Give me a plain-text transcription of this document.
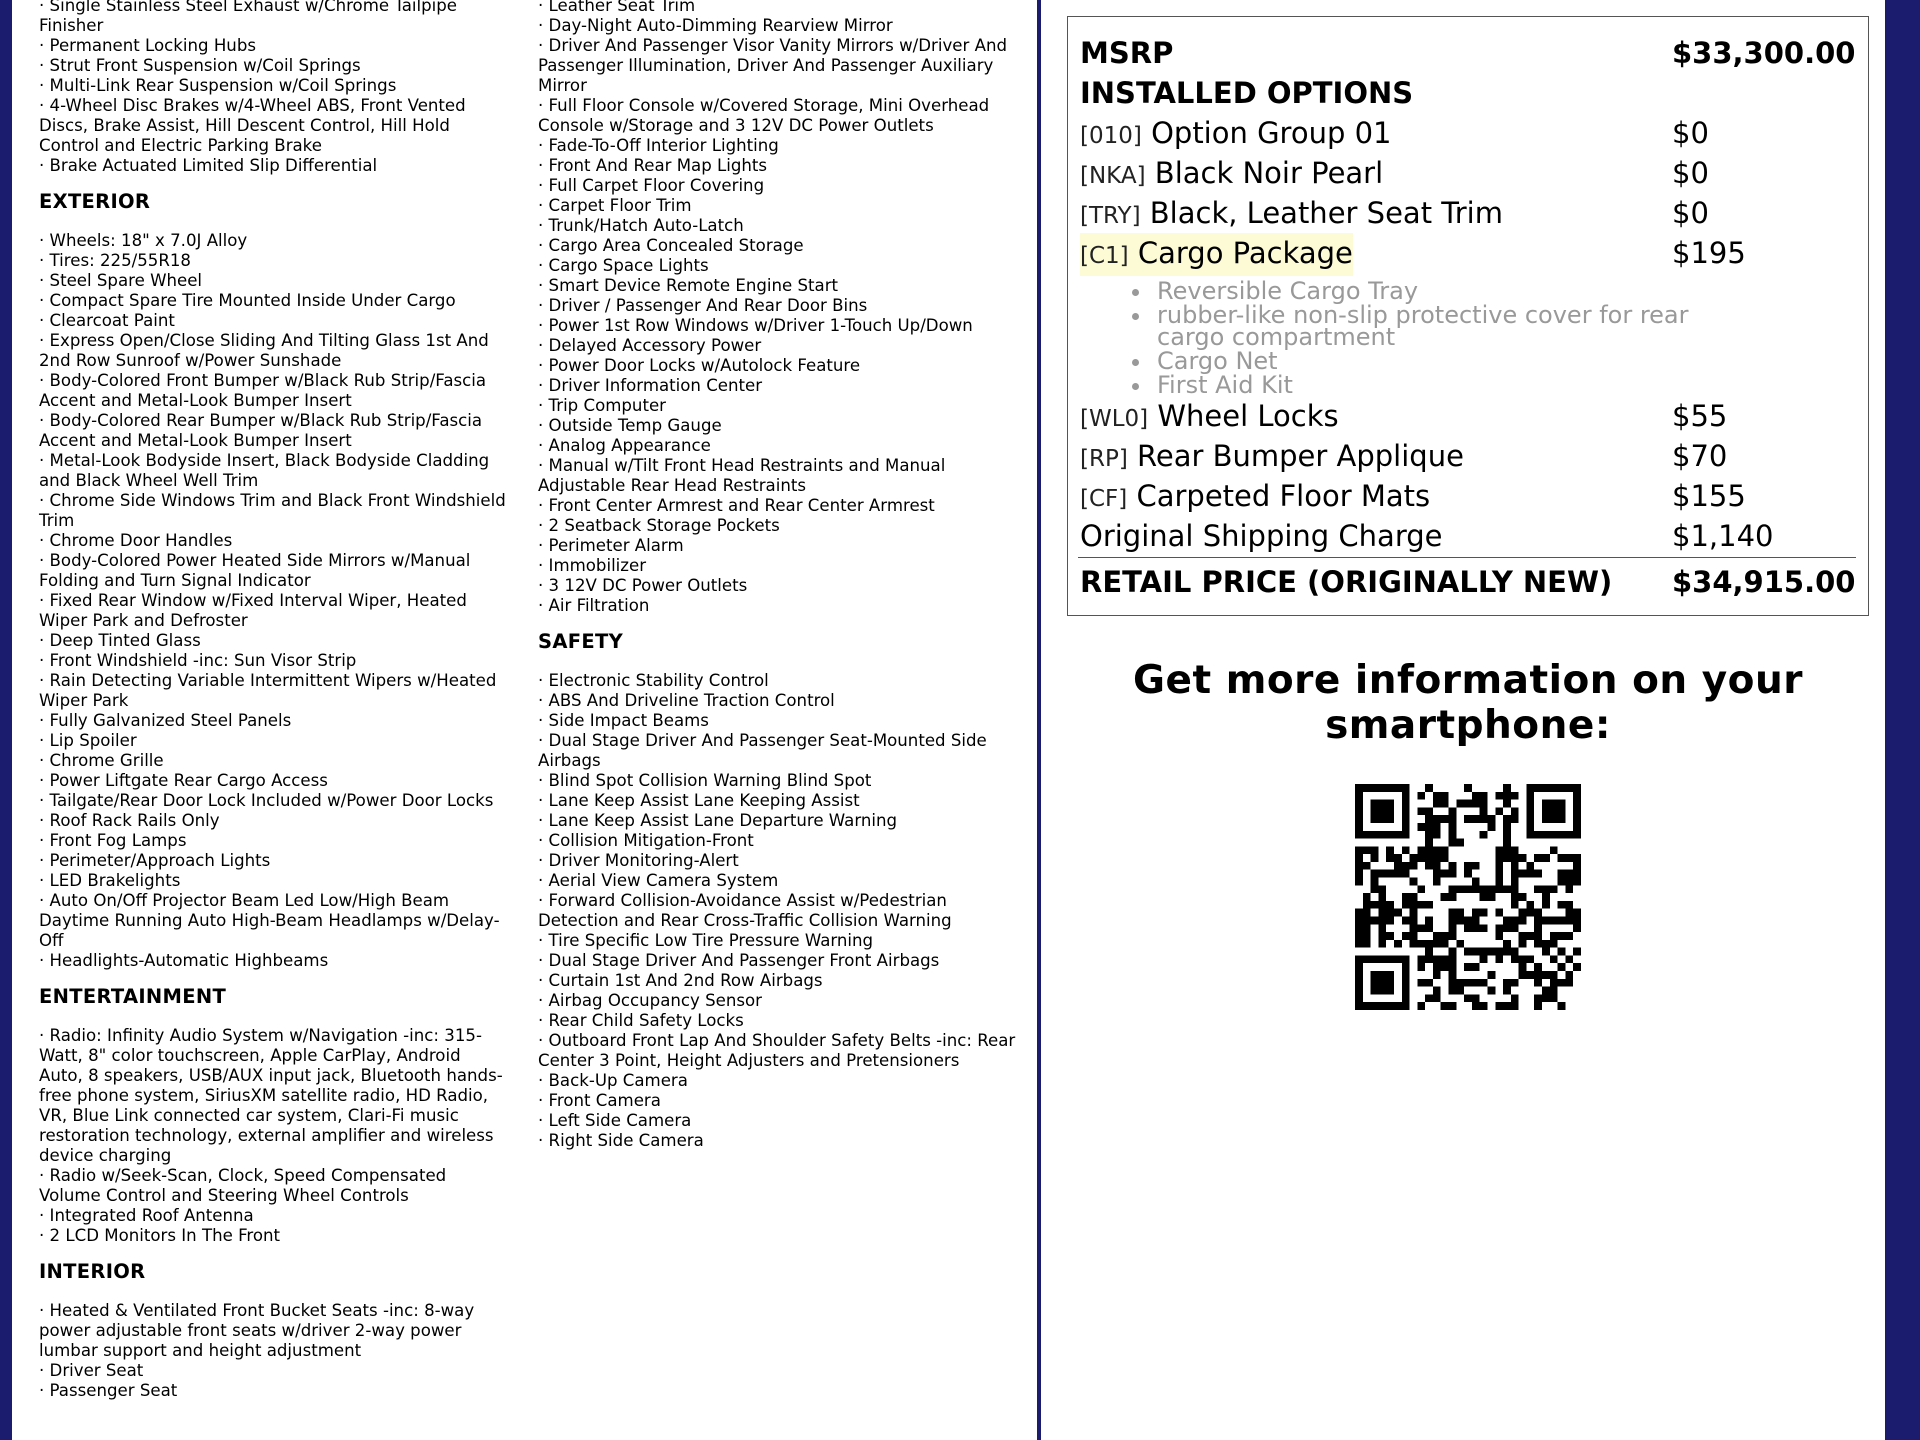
· Single Stainless Steel Exhaust w/Chrome Tailpipe Finisher

· Permanent Locking Hubs

· Strut Front Suspension w/Coil Springs

· Multi-Link Rear Suspension w/Coil Springs

· 4-Wheel Disc Brakes w/4-Wheel ABS, Front Vented Discs, Brake Assist, Hill Descent Control, Hill Hold Control and Electric Parking Brake

· Brake Actuated Limited Slip Differential

EXTERIOR

· Wheels: 18" x 7.0J Alloy

· Tires: 225/55R18

· Steel Spare Wheel

· Compact Spare Tire Mounted Inside Under Cargo

· Clearcoat Paint

· Express Open/Close Sliding And Tilting Glass 1st And 2nd Row Sunroof w/Power Sunshade

· Body-Colored Front Bumper w/Black Rub Strip/Fascia Accent and Metal-Look Bumper Insert

· Body-Colored Rear Bumper w/Black Rub Strip/Fascia Accent and Metal-Look Bumper Insert

· Metal-Look Bodyside Insert, Black Bodyside Cladding and Black Wheel Well Trim

· Chrome Side Windows Trim and Black Front Windshield Trim

· Chrome Door Handles

· Body-Colored Power Heated Side Mirrors w/Manual Folding and Turn Signal Indicator

· Fixed Rear Window w/Fixed Interval Wiper, Heated Wiper Park and Defroster

· Deep Tinted Glass

· Front Windshield -inc: Sun Visor Strip

· Rain Detecting Variable Intermittent Wipers w/Heated Wiper Park

· Fully Galvanized Steel Panels

· Lip Spoiler

· Chrome Grille

· Power Liftgate Rear Cargo Access

· Tailgate/Rear Door Lock Included w/Power Door Locks

· Roof Rack Rails Only

· Front Fog Lamps

· Perimeter/Approach Lights

· LED Brakelights

· Auto On/Off Projector Beam Led Low/High Beam Daytime Running Auto High-Beam Headlamps w/Delay-Off

· Headlights-Automatic Highbeams

ENTERTAINMENT

· Radio: Infinity Audio System w/Navigation -inc: 315-Watt, 8" color touchscreen, Apple CarPlay, Android Auto, 8 speakers, USB/AUX input jack, Bluetooth hands-free phone system, SiriusXM satellite radio, HD Radio, VR, Blue Link connected car system, Clari-Fi music restoration technology, external amplifier and wireless device charging

· Radio w/Seek-Scan, Clock, Speed Compensated Volume Control and Steering Wheel Controls

· Integrated Roof Antenna

· 2 LCD Monitors In The Front

INTERIOR

· Heated & Ventilated Front Bucket Seats -inc: 8-way power adjustable front seats w/driver 2-way power lumbar support and height adjustment

· Driver Seat

· Passenger Seat

· Leather Seat Trim

· Day-Night Auto-Dimming Rearview Mirror

· Driver And Passenger Visor Vanity Mirrors w/Driver And Passenger Illumination, Driver And Passenger Auxiliary Mirror

· Full Floor Console w/Covered Storage, Mini Overhead Console w/Storage and 3 12V DC Power Outlets

· Fade-To-Off Interior Lighting

· Front And Rear Map Lights

· Full Carpet Floor Covering

· Carpet Floor Trim

· Trunk/Hatch Auto-Latch

· Cargo Area Concealed Storage

· Cargo Space Lights

· Smart Device Remote Engine Start

· Driver / Passenger And Rear Door Bins

· Power 1st Row Windows w/Driver 1-Touch Up/Down

· Delayed Accessory Power

· Power Door Locks w/Autolock Feature

· Driver Information Center

· Trip Computer

· Outside Temp Gauge

· Analog Appearance

· Manual w/Tilt Front Head Restraints and Manual Adjustable Rear Head Restraints

· Front Center Armrest and Rear Center Armrest

· 2 Seatback Storage Pockets

· Perimeter Alarm

· Immobilizer

· 3 12V DC Power Outlets

· Air Filtration

SAFETY

· Electronic Stability Control

· ABS And Driveline Traction Control

· Side Impact Beams

· Dual Stage Driver And Passenger Seat-Mounted Side Airbags

· Blind Spot Collision Warning Blind Spot

· Lane Keep Assist Lane Keeping Assist

· Lane Keep Assist Lane Departure Warning

· Collision Mitigation-Front

· Driver Monitoring-Alert

· Aerial View Camera System

· Forward Collision-Avoidance Assist w/Pedestrian Detection and Rear Cross-Traffic Collision Warning

· Tire Specific Low Tire Pressure Warning

· Dual Stage Driver And Passenger Front Airbags

· Curtain 1st And 2nd Row Airbags

· Airbag Occupancy Sensor

· Rear Child Safety Locks

· Outboard Front Lap And Shoulder Safety Belts -inc: Rear Center 3 Point, Height Adjusters and Pretensioners

· Back-Up Camera

· Front Camera

· Left Side Camera

· Right Side Camera

MSRP	$33,300.00
INSTALLED OPTIONS
[010] Option Group 01	$0
[NKA] Black Noir Pearl	$0
[TRY] Black, Leather Seat Trim	$0
[C1] Cargo Package	$195
Reversible Cargo Tray
rubber-like non-slip protective cover for rear cargo compartment
Cargo Net
First Aid Kit
[WL0] Wheel Locks	$55
[RP] Rear Bumper Applique	$70
[CF] Carpeted Floor Mats	$155
Original Shipping Charge	$1,140
RETAIL PRICE (ORIGINALLY NEW) $34,915.00
Get more information on your smartphone:
